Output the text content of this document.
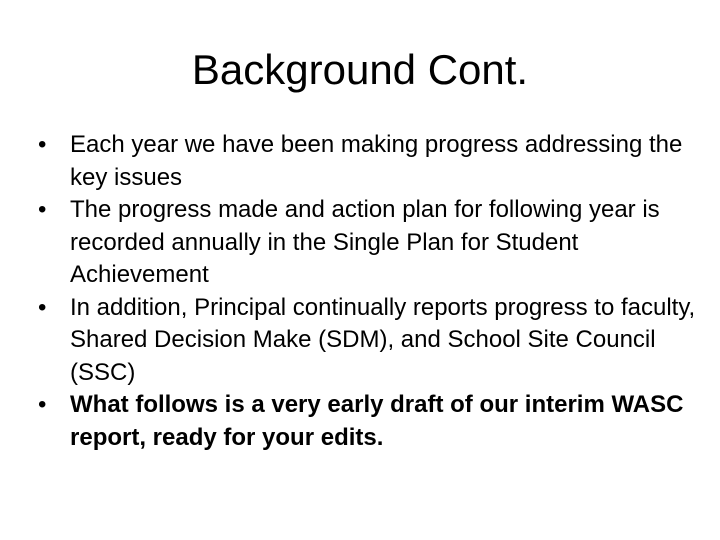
Background Cont.
• Each year we have been making progress addressing the key issues
• The progress made and action plan for following year is recorded annually in the Single Plan for Student Achievement
• In addition, Principal continually reports progress to faculty, Shared Decision Make (SDM), and School Site Council (SSC)
• What follows is a very early draft of our interim WASC report, ready for your edits.
